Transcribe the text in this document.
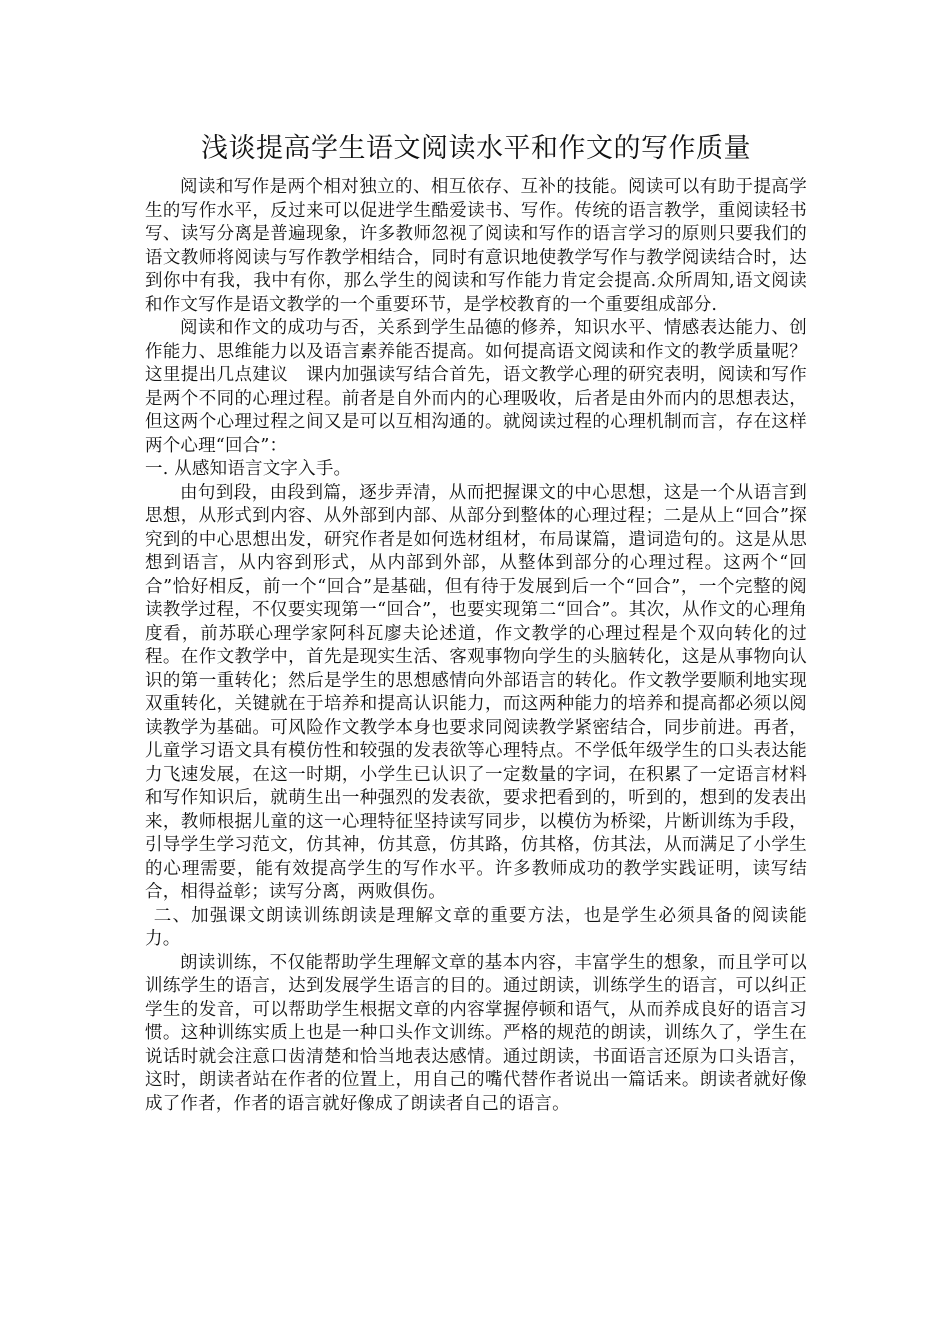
浅谈提高学生语文阅读水平和作文的写作质量

阅读和写作是两个相对独立的、相互依存、互补的技能。阅读可以有助于提高学生的写作水平，反过来可以促进学生酷爱读书、写作。传统的语言教学，重阅读轻书写、读写分离是普遍现象，许多教师忽视了阅读和写作的语言学习的原则只要我们的语文教师将阅读与写作教学相结合，同时有意识地使教学写作与教学阅读结合时，达到你中有我，我中有你，那么学生的阅读和写作能力肯定会提高.众所周知,语文阅读和作文写作是语文教学的一个重要环节，是学校教育的一个重要组成部分.

阅读和作文的成功与否，关系到学生品德的修养，知识水平、情感表达能力、创作能力、思维能力以及语言素养能否提高。如何提高语文阅读和作文的教学质量呢？这里提出几点建议　课内加强读写结合首先，语文教学心理的研究表明，阅读和写作是两个不同的心理过程。前者是自外而内的心理吸收，后者是由外而内的思想表达，但这两个心理过程之间又是可以互相沟通的。就阅读过程的心理机制而言，存在这样两个心理“回合”：

一. 从感知语言文字入手。

由句到段，由段到篇，逐步弄清，从而把握课文的中心思想，这是一个从语言到思想，从形式到内容、从外部到内部、从部分到整体的心理过程；二是从上“回合”探究到的中心思想出发，研究作者是如何选材组材，布局谋篇，遣词造句的。这是从思想到语言，从内容到形式，从内部到外部，从整体到部分的心理过程。这两个“回合”恰好相反，前一个“回合”是基础，但有待于发展到后一个“回合”，一个完整的阅读教学过程，不仅要实现第一“回合”，也要实现第二“回合”。其次，从作文的心理角度看，前苏联心理学家阿科瓦廖夫论述道，作文教学的心理过程是个双向转化的过程。在作文教学中，首先是现实生活、客观事物向学生的头脑转化，这是从事物向认识的第一重转化；然后是学生的思想感情向外部语言的转化。作文教学要顺利地实现双重转化，关键就在于培养和提高认识能力，而这两种能力的培养和提高都必须以阅读教学为基础。可风险作文教学本身也要求同阅读教学紧密结合，同步前进。再者，儿童学习语文具有模仿性和较强的发表欲等心理特点。不学低年级学生的口头表达能力飞速发展，在这一时期，小学生已认识了一定数量的字词，在积累了一定语言材料和写作知识后，就萌生出一种强烈的发表欲，要求把看到的，听到的，想到的发表出来，教师根据儿童的这一心理特征坚持读写同步，以模仿为桥梁，片断训练为手段，引导学生学习范文，仿其神，仿其意，仿其路，仿其格，仿其法，从而满足了小学生的心理需要，能有效提高学生的写作水平。许多教师成功的教学实践证明，读写结合，相得益彰；读写分离，两败俱伤。

二、加强课文朗读训练朗读是理解文章的重要方法，也是学生必须具备的阅读能力。

朗读训练，不仅能帮助学生理解文章的基本内容，丰富学生的想象，而且学可以训练学生的语言，达到发展学生语言的目的。通过朗读，训练学生的语言，可以纠正学生的发音，可以帮助学生根据文章的内容掌握停顿和语气，从而养成良好的语言习惯。这种训练实质上也是一种口头作文训练。严格的规范的朗读，训练久了，学生在说话时就会注意口齿清楚和恰当地表达感情。通过朗读，书面语言还原为口头语言，这时，朗读者站在作者的位置上，用自己的嘴代替作者说出一篇话来。朗读者就好像成了作者，作者的语言就好像成了朗读者自己的语言。
